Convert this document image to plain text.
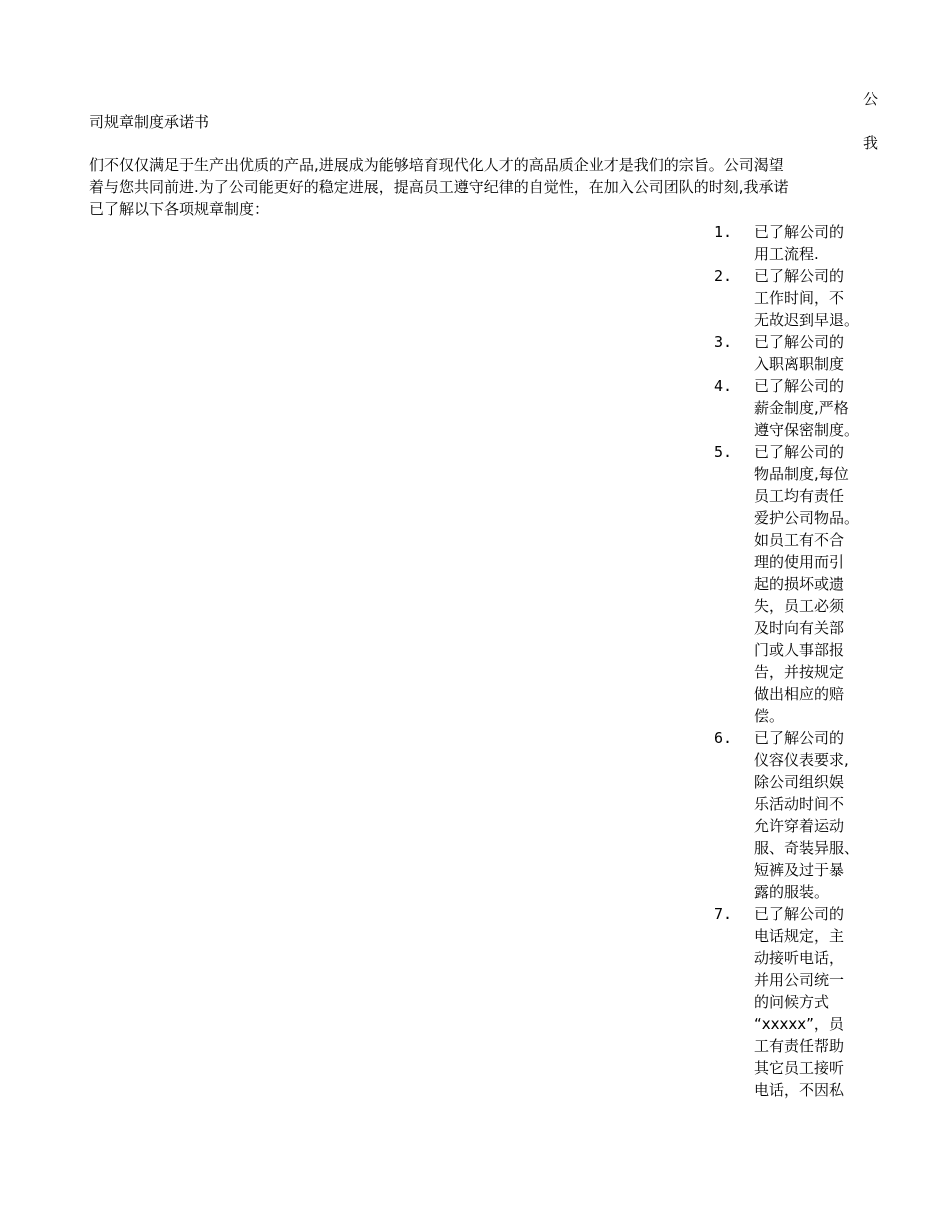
公
我
司规章制度承诺书

们不仅仅满足于生产出优质的产品,进展成为能够培育现代化人才的高品质企业才是我们的宗旨。公司渴望
着与您共同前进.为了公司能更好的稳定进展，提高员工遵守纪律的自觉性，在加入公司团队的时刻,我承诺
已了解以下各项规章制度：

1.	已了解公司的
用工流程.
2.	已了解公司的
工作时间，不
无故迟到早退。
3.	已了解公司的
入职离职制度
4.	已了解公司的
薪金制度,严格
遵守保密制度。
5.	已了解公司的
物品制度,每位
员工均有责任
爱护公司物品。
如员工有不合
理的使用而引
起的损坏或遗
失，员工必须
及时向有关部
门或人事部报
告，并按规定
做出相应的赔
偿。
6.	已了解公司的
仪容仪表要求,
除公司组织娱
乐活动时间不
允许穿着运动
服、奇装异服、
短裤及过于暴
露的服装。
7.	已了解公司的
电话规定，主
动接听电话，
并用公司统一
的问候方式
“xxxxx”，员
工有责任帮助
其它员工接听
电话，不因私
